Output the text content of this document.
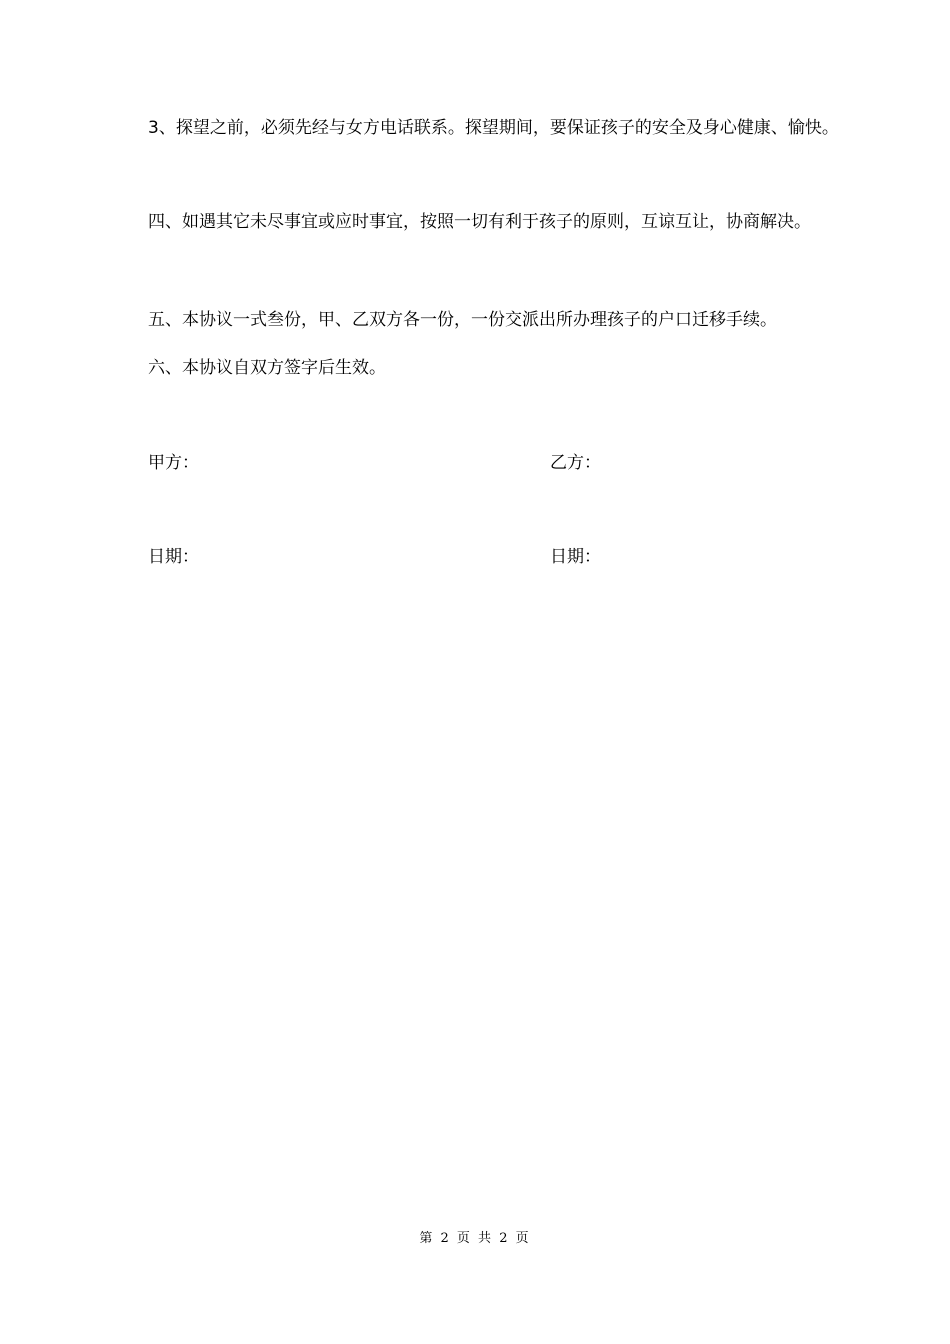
3、探望之前，必须先经与女方电话联系。探望期间，要保证孩子的安全及身心健康、愉快。

四、如遇其它未尽事宜或应时事宜，按照一切有利于孩子的原则，互谅互让，协商解决。

五、本协议一式叁份，甲、乙双方各一份，一份交派出所办理孩子的户口迁移手续。

六、本协议自双方签字后生效。

甲方：	乙方：
日期：	日期：
第 2 页 共 2 页
